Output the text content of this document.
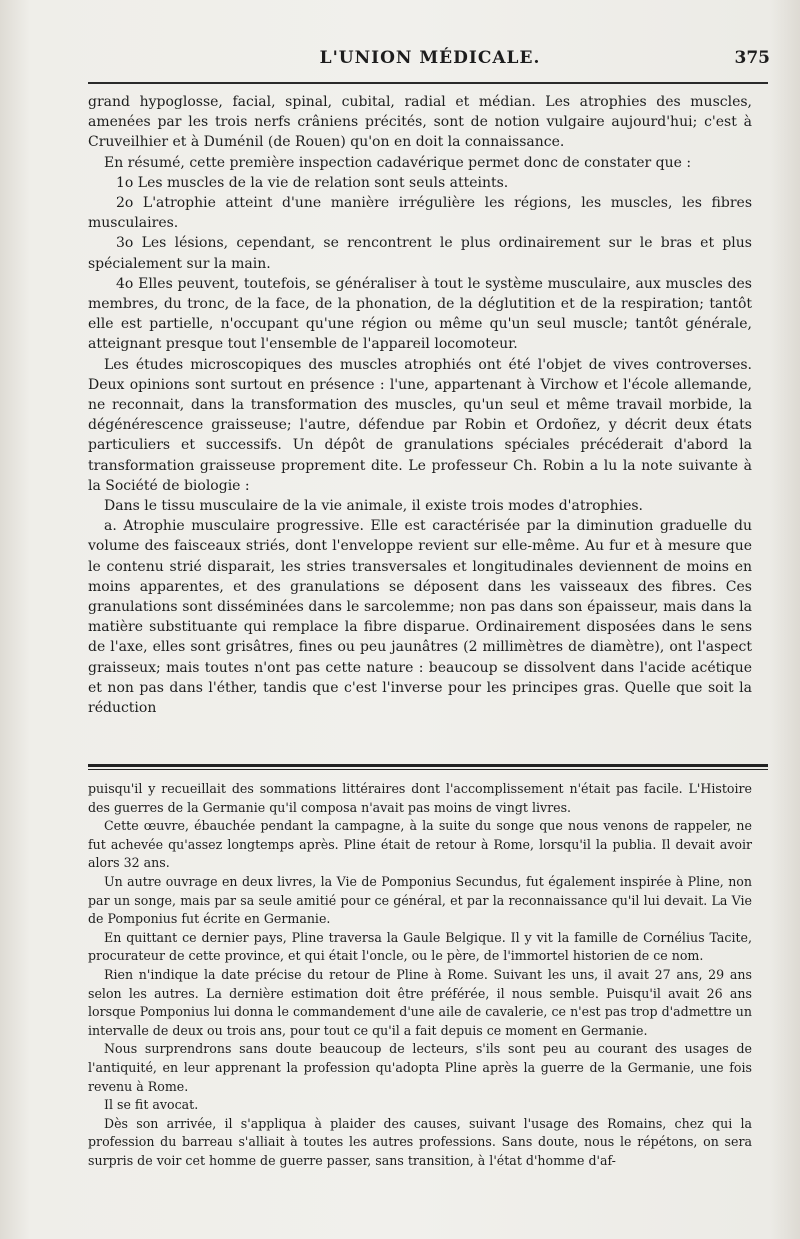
L'UNION MÉDICALE.	375

grand hypoglosse, facial, spinal, cubital, radial et médian. Les atrophies des muscles, amenées par les trois nerfs crâniens précités, sont de notion vulgaire aujourd'hui; c'est à Cruveilhier et à Duménil (de Rouen) qu'on en doit la connaissance.

En résumé, cette première inspection cadavérique permet donc de constater que :

1o Les muscles de la vie de relation sont seuls atteints.

2o L'atrophie atteint d'une manière irrégulière les régions, les muscles, les fibres musculaires.

3o Les lésions, cependant, se rencontrent le plus ordinairement sur le bras et plus spécialement sur la main.

4o Elles peuvent, toutefois, se généraliser à tout le système musculaire, aux muscles des membres, du tronc, de la face, de la phonation, de la déglutition et de la respiration; tantôt elle est partielle, n'occupant qu'une région ou même qu'un seul muscle; tantôt générale, atteignant presque tout l'ensemble de l'appareil locomoteur.

Les études microscopiques des muscles atrophiés ont été l'objet de vives controverses. Deux opinions sont surtout en présence : l'une, appartenant à Virchow et l'école allemande, ne reconnait, dans la transformation des muscles, qu'un seul et même travail morbide, la dégénérescence graisseuse; l'autre, défendue par Robin et Ordoñez, y décrit deux états particuliers et successifs. Un dépôt de granulations spéciales précéderait d'abord la transformation graisseuse proprement dite. Le professeur Ch. Robin a lu la note suivante à la Société de biologie :

Dans le tissu musculaire de la vie animale, il existe trois modes d'atrophies.

a. Atrophie musculaire progressive. Elle est caractérisée par la diminution graduelle du volume des faisceaux striés, dont l'enveloppe revient sur elle-même. Au fur et à mesure que le contenu strié disparait, les stries transversales et longitudinales deviennent de moins en moins apparentes, et des granulations se déposent dans les vaisseaux des fibres. Ces granulations sont disséminées dans le sarcolemme; non pas dans son épaisseur, mais dans la matière substituante qui remplace la fibre disparue. Ordinairement disposées dans le sens de l'axe, elles sont grisâtres, fines ou peu jaunâtres (2 millimètres de diamètre), ont l'aspect graisseux; mais toutes n'ont pas cette nature : beaucoup se dissolvent dans l'acide acétique et non pas dans l'éther, tandis que c'est l'inverse pour les principes gras. Quelle que soit la réduction

puisqu'il y recueillait des sommations littéraires dont l'accomplissement n'était pas facile. L'Histoire des guerres de la Germanie qu'il composa n'avait pas moins de vingt livres.

Cette œuvre, ébauchée pendant la campagne, à la suite du songe que nous venons de rappeler, ne fut achevée qu'assez longtemps après. Pline était de retour à Rome, lorsqu'il la publia. Il devait avoir alors 32 ans.

Un autre ouvrage en deux livres, la Vie de Pomponius Secundus, fut également inspirée à Pline, non par un songe, mais par sa seule amitié pour ce général, et par la reconnaissance qu'il lui devait. La Vie de Pomponius fut écrite en Germanie.

En quittant ce dernier pays, Pline traversa la Gaule Belgique. Il y vit la famille de Cornélius Tacite, procurateur de cette province, et qui était l'oncle, ou le père, de l'immortel historien de ce nom.

Rien n'indique la date précise du retour de Pline à Rome. Suivant les uns, il avait 27 ans, 29 ans selon les autres. La dernière estimation doit être préférée, il nous semble. Puisqu'il avait 26 ans lorsque Pomponius lui donna le commandement d'une aile de cavalerie, ce n'est pas trop d'admettre un intervalle de deux ou trois ans, pour tout ce qu'il a fait depuis ce moment en Germanie.

Nous surprendrons sans doute beaucoup de lecteurs, s'ils sont peu au courant des usages de l'antiquité, en leur apprenant la profession qu'adopta Pline après la guerre de la Germanie, une fois revenu à Rome.

Il se fit avocat.

Dès son arrivée, il s'appliqua à plaider des causes, suivant l'usage des Romains, chez qui la profession du barreau s'alliait à toutes les autres professions. Sans doute, nous le répétons, on sera surpris de voir cet homme de guerre passer, sans transition, à l'état d'homme d'af-
